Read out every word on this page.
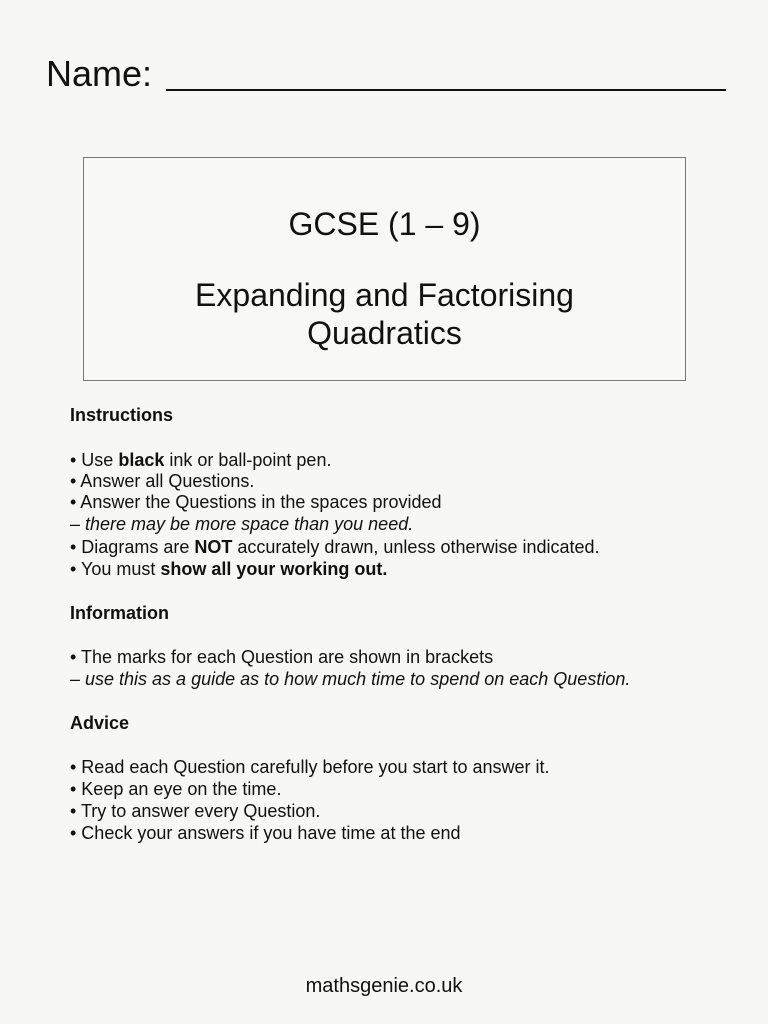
Name:
GCSE (1 – 9)
Expanding and Factorising
Quadratics
Instructions
• Use black ink or ball-point pen.
• Answer all Questions.
• Answer the Questions in the spaces provided
– there may be more space than you need.
• Diagrams are NOT accurately drawn, unless otherwise indicated.
• You must show all your working out.
Information
• The marks for each Question are shown in brackets
– use this as a guide as to how much time to spend on each Question.
Advice
• Read each Question carefully before you start to answer it.
• Keep an eye on the time.
• Try to answer every Question.
• Check your answers if you have time at the end
mathsgenie.co.uk
